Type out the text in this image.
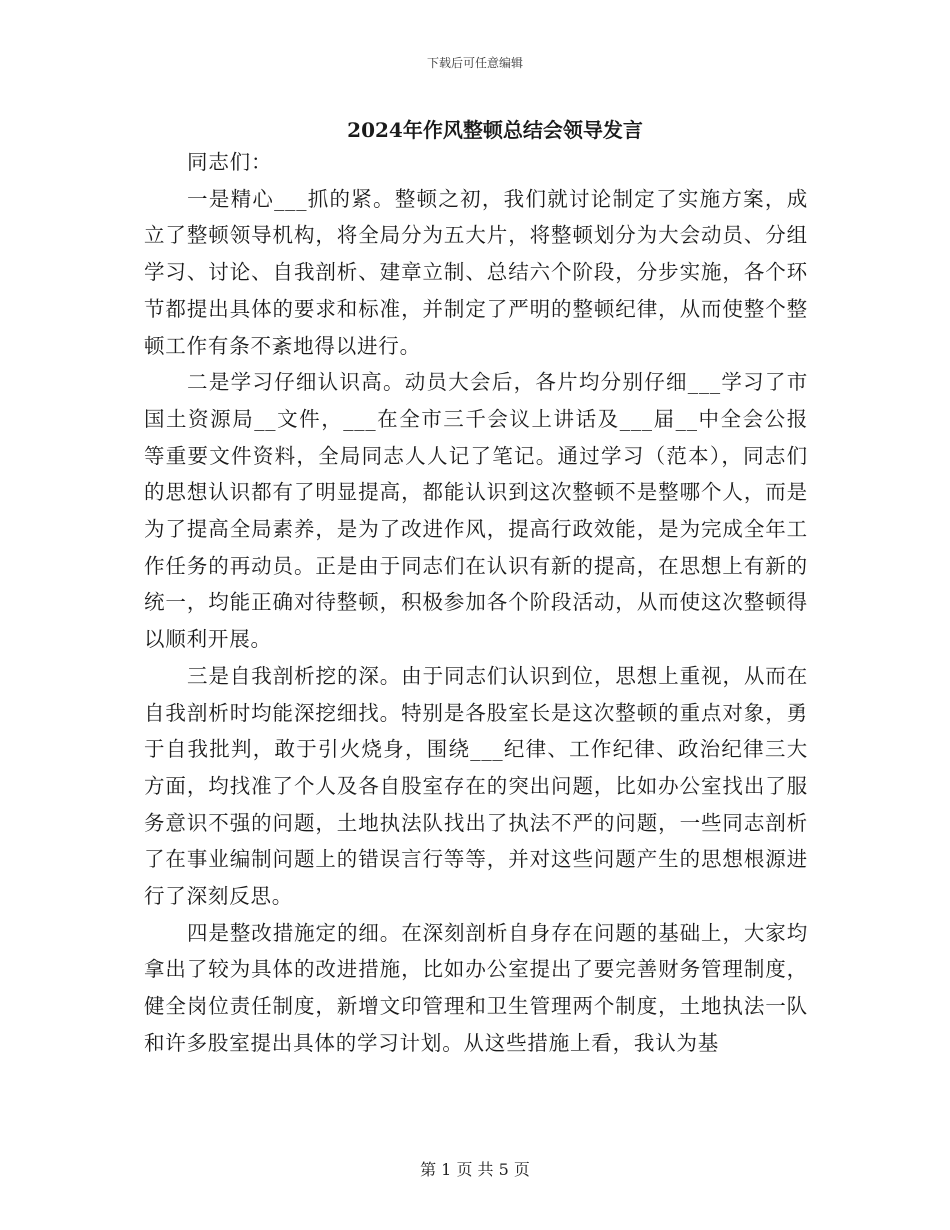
下载后可任意编辑
2024年作风整顿总结会领导发言

同志们：

一是精心___抓的紧。整顿之初，我们就讨论制定了实施方案，成立了整顿领导机构，将全局分为五大片，将整顿划分为大会动员、分组学习、讨论、自我剖析、建章立制、总结六个阶段，分步实施，各个环节都提出具体的要求和标准，并制定了严明的整顿纪律，从而使整个整顿工作有条不紊地得以进行。

二是学习仔细认识高。动员大会后，各片均分别仔细___学习了市国土资源局__文件，___在全市三千会议上讲话及___届__中全会公报等重要文件资料，全局同志人人记了笔记。通过学习（范本），同志们的思想认识都有了明显提高，都能认识到这次整顿不是整哪个人，而是为了提高全局素养，是为了改进作风，提高行政效能，是为完成全年工作任务的再动员。正是由于同志们在认识有新的提高，在思想上有新的统一，均能正确对待整顿，积极参加各个阶段活动，从而使这次整顿得以顺利开展。

三是自我剖析挖的深。由于同志们认识到位，思想上重视，从而在自我剖析时均能深挖细找。特别是各股室长是这次整顿的重点对象，勇于自我批判，敢于引火烧身，围绕___纪律、工作纪律、政治纪律三大方面，均找准了个人及各自股室存在的突出问题，比如办公室找出了服务意识不强的问题，土地执法队找出了执法不严的问题，一些同志剖析了在事业编制问题上的错误言行等等，并对这些问题产生的思想根源进行了深刻反思。

四是整改措施定的细。在深刻剖析自身存在问题的基础上，大家均拿出了较为具体的改进措施，比如办公室提出了要完善财务管理制度，健全岗位责任制度，新增文印管理和卫生管理两个制度，土地执法一队和许多股室提出具体的学习计划。从这些措施上看，我认为基

第 1 页 共 5 页
